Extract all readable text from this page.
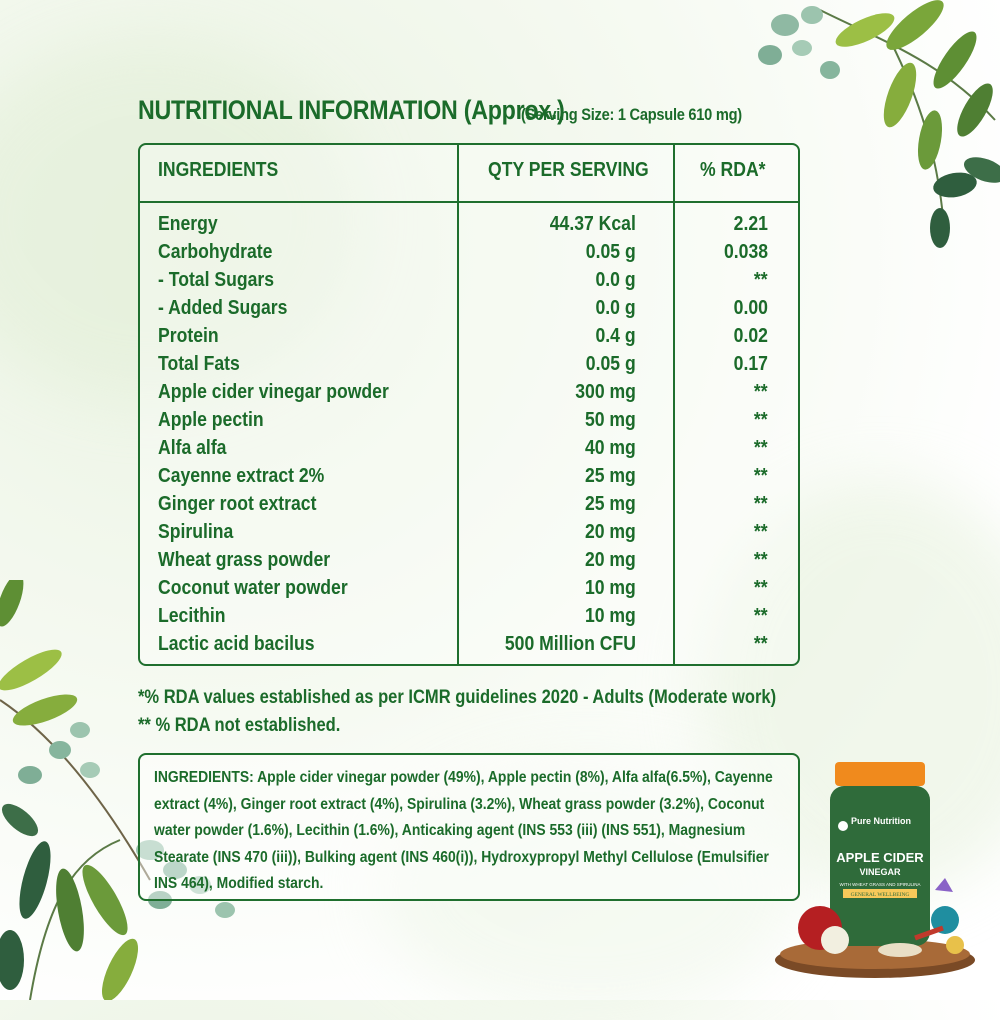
NUTRITIONAL INFORMATION (Approx.)
(Serving Size: 1 Capsule 610 mg)
INGREDIENTS	QTY PER SERVING	% RDA*
Energy	44.37 Kcal	2.21
Carbohydrate	0.05 g	0.038
- Total Sugars	0.0 g	**
- Added Sugars	0.0 g	0.00
Protein	0.4 g	0.02
Total Fats	0.05 g	0.17
Apple cider vinegar powder	300 mg	**
Apple pectin	50 mg	**
Alfa alfa	40 mg	**
Cayenne extract 2%	25 mg	**
Ginger root extract	25 mg	**
Spirulina	20 mg	**
Wheat grass powder	20 mg	**
Coconut water powder	10 mg	**
Lecithin	10 mg	**
Lactic acid bacilus	500 Million CFU	**
*% RDA values established as per ICMR guidelines 2020 - Adults (Moderate work)
** % RDA not established.

INGREDIENTS: Apple cider vinegar powder (49%), Apple pectin (8%), Alfa alfa(6.5%), Cayenne extract (4%), Ginger root extract (4%), Spirulina (3.2%), Wheat grass powder (3.2%), Coconut water powder (1.6%), Lecithin (1.6%), Anticaking agent (INS 553 (iii) (INS 551), Magnesium Stearate (INS 470 (iii)), Bulking agent (INS 460(i)), Hydroxypropyl Methyl Cellulose (Emulsifier INS 464), Modified starch.

Pure Nutrition
APPLE CIDER
VINEGAR
WITH WHEAT GRASS AND SPIRULINA
GENERAL WELLBEING
